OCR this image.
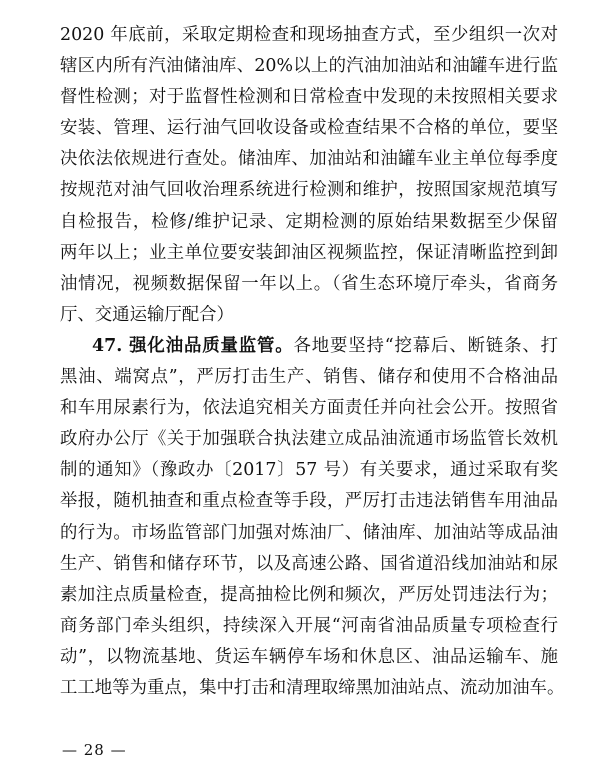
2020 年底前，采取定期检查和现场抽查方式，至少组织一次对
辖区内所有汽油储油库、20%以上的汽油加油站和油罐车进行监
督性检测；对于监督性检测和日常检查中发现的未按照相关要求
安装、管理、运行油气回收设备或检查结果不合格的单位，要坚
决依法依规进行查处。储油库、加油站和油罐车业主单位每季度
按规范对油气回收治理系统进行检测和维护，按照国家规范填写
自检报告，检修/维护记录、定期检测的原始结果数据至少保留
两年以上；业主单位要安装卸油区视频监控，保证清晰监控到卸
油情况，视频数据保留一年以上。（省生态环境厅牵头，省商务
厅、交通运输厅配合）
47. 强化油品质量监管。各地要坚持“挖幕后、断链条、打
黑油、端窝点”，严厉打击生产、销售、储存和使用不合格油品
和车用尿素行为，依法追究相关方面责任并向社会公开。按照省
政府办公厅《关于加强联合执法建立成品油流通市场监管长效机
制的通知》（豫政办〔2017〕57 号）有关要求，通过采取有奖
举报，随机抽查和重点检查等手段，严厉打击违法销售车用油品
的行为。市场监管部门加强对炼油厂、储油库、加油站等成品油
生产、销售和储存环节，以及高速公路、国省道沿线加油站和尿
素加注点质量检查，提高抽检比例和频次，严厉处罚违法行为；
商务部门牵头组织，持续深入开展“河南省油品质量专项检查行
动”，以物流基地、货运车辆停车场和休息区、油品运输车、施
工工地等为重点，集中打击和清理取缔黑加油站点、流动加油车。
— 28 —
